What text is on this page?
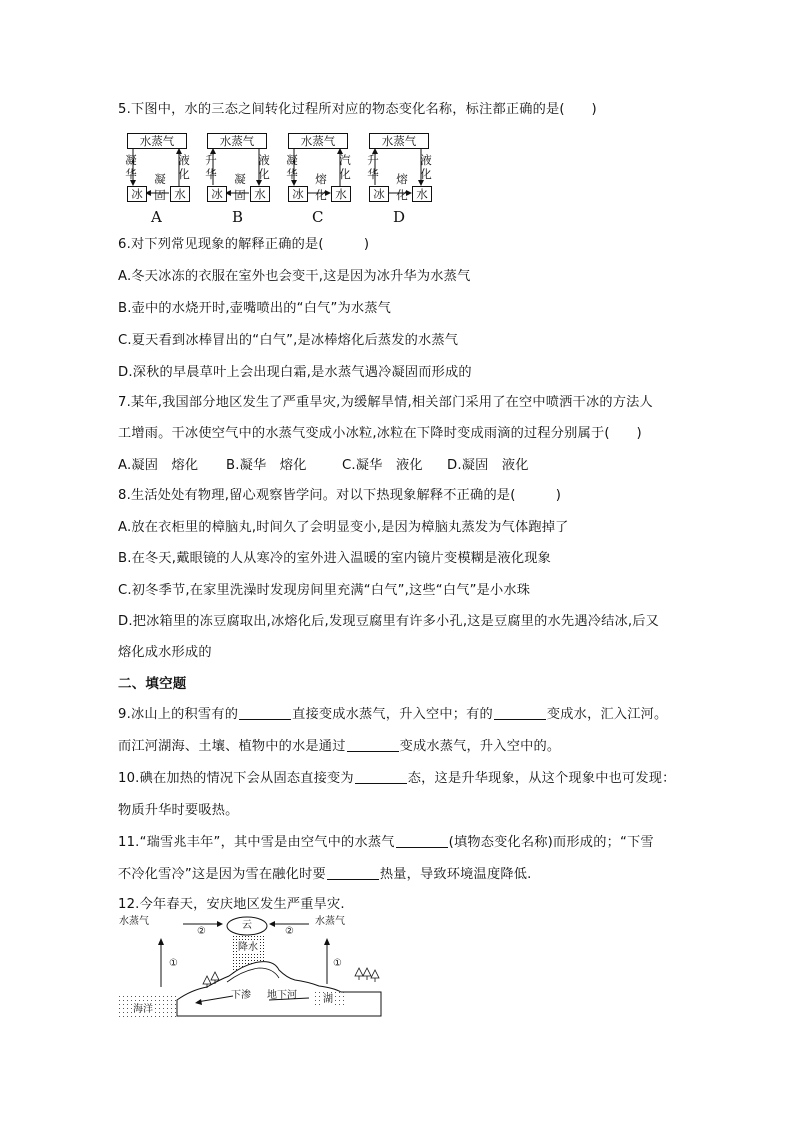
5.下图中，水的三态之间转化过程所对应的物态变化名称，标注都正确的是(　　)
水蒸气
凝
华
液
化
凝固
冰	水
水蒸气
升
华
液
化
凝固
冰	水
水蒸气
凝
华
汽
化
熔化
冰	水
水蒸气
升
华
液
化
熔化
冰	水
A	B	C	D
6.对下列常见现象的解释正确的是(　　　)
A.冬天冰冻的衣服在室外也会变干,这是因为冰升华为水蒸气
B.壶中的水烧开时,壶嘴喷出的“白气”为水蒸气
C.夏天看到冰棒冒出的“白气”,是冰棒熔化后蒸发的水蒸气
D.深秋的早晨草叶上会出现白霜,是水蒸气遇冷凝固而形成的
7.某年,我国部分地区发生了严重旱灾,为缓解旱情,相关部门采用了在空中喷洒干冰的方法人
工增雨。干冰使空气中的水蒸气变成小冰粒,冰粒在下降时变成雨滴的过程分别属于(　　)
A.凝固　熔化 B.凝华　熔化	C.凝华　液化 D.凝固　液化
8.生活处处有物理,留心观察皆学问。对以下热现象解释不正确的是(　　　)
A.放在衣柜里的樟脑丸,时间久了会明显变小,是因为樟脑丸蒸发为气体跑掉了
B.在冬天,戴眼镜的人从寒冷的室外进入温暖的室内镜片变模糊是液化现象
C.初冬季节,在家里洗澡时发现房间里充满“白气”,这些“白气”是小水珠
D.把冰箱里的冻豆腐取出,冰熔化后,发现豆腐里有许多小孔,这是豆腐里的水先遇冷结冰,后又
熔化成水形成的
二、填空题
9.冰山上的积雪有的	直接变成水蒸气，升入空中；有的	变成水，汇入江河。
而江河湖海、土壤、植物中的水是通过	变成水蒸气，升入空中的。
10.碘在加热的情况下会从固态直接变为	态，这是升华现象，从这个现象中也可发现：
物质升华时要吸热。
11.“瑞雪兆丰年”，其中雪是由空气中的水蒸气	(填物态变化名称)而形成的；“下雪
不冷化雪冷”这是因为雪在融化时要	热量，导致环境温度降低.
12.今年春天，安庆地区发生严重旱灾.
水蒸气	水蒸气
云
降水
②	②
①	①
海洋
下渗 地下河	湖
